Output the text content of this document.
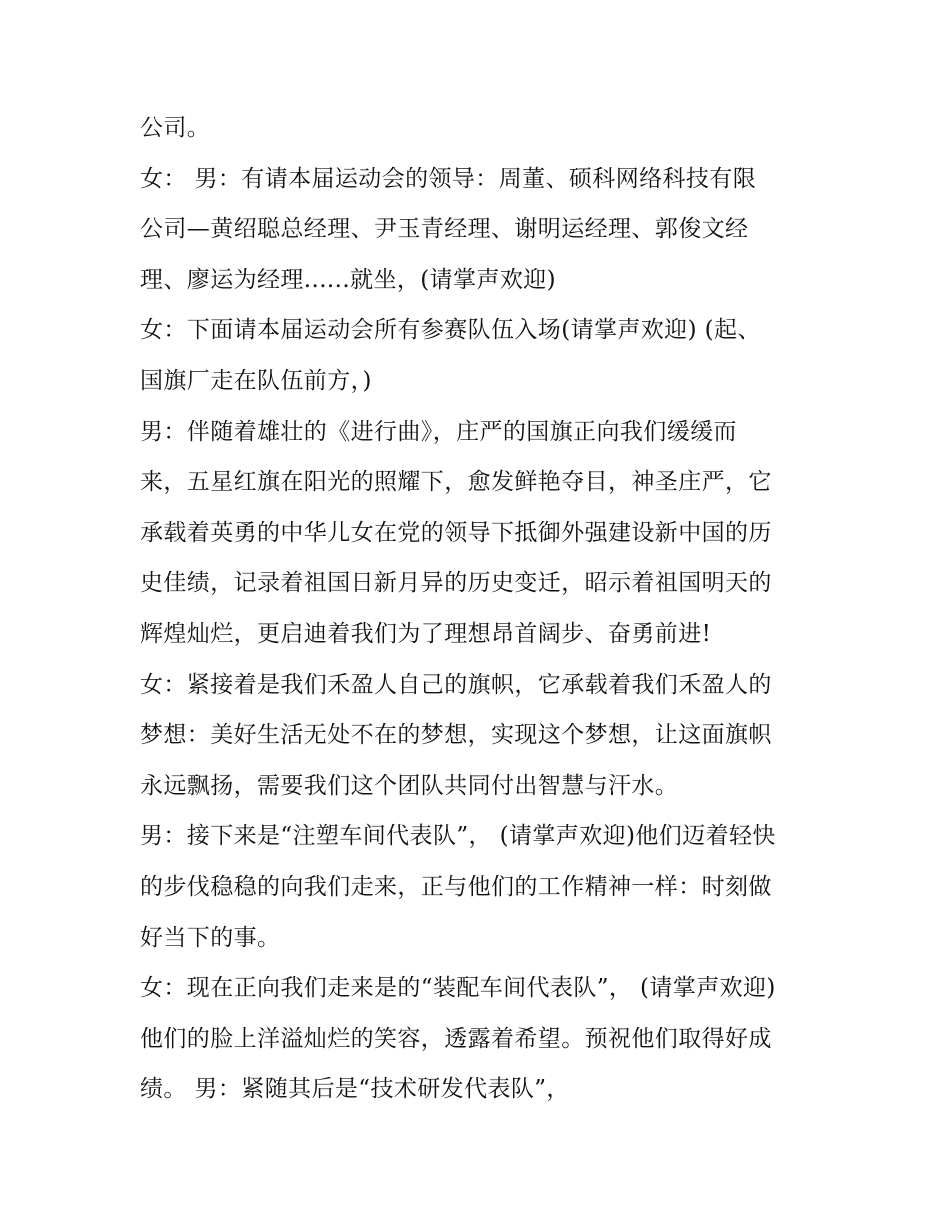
公司。
女： 男：有请本届运动会的领导：周董、硕科网络科技有限
公司—黄绍聪总经理、尹玉青经理、谢明运经理、郭俊文经
理、廖运为经理......就坐，(请掌声欢迎)
女：下面请本届运动会所有参赛队伍入场(请掌声欢迎) (起、
国旗厂走在队伍前方，)
男：伴随着雄壮的《进行曲》，庄严的国旗正向我们缓缓而
来，五星红旗在阳光的照耀下，愈发鲜艳夺目，神圣庄严，它
承载着英勇的中华儿女在党的领导下抵御外强建设新中国的历
史佳绩，记录着祖国日新月异的历史变迁，昭示着祖国明天的
辉煌灿烂，更启迪着我们为了理想昂首阔步、奋勇前进!
女：紧接着是我们禾盈人自己的旗帜，它承载着我们禾盈人的
梦想：美好生活无处不在的梦想，实现这个梦想，让这面旗帜
永远飘扬，需要我们这个团队共同付出智慧与汗水。
男：接下来是“注塑车间代表队”， (请掌声欢迎)他们迈着轻快
的步伐稳稳的向我们走来，正与他们的工作精神一样：时刻做
好当下的事。
女：现在正向我们走来是的“装配车间代表队”， (请掌声欢迎)
他们的脸上洋溢灿烂的笑容，透露着希望。预祝他们取得好成
绩。 男：紧随其后是“技术研发代表队”，
